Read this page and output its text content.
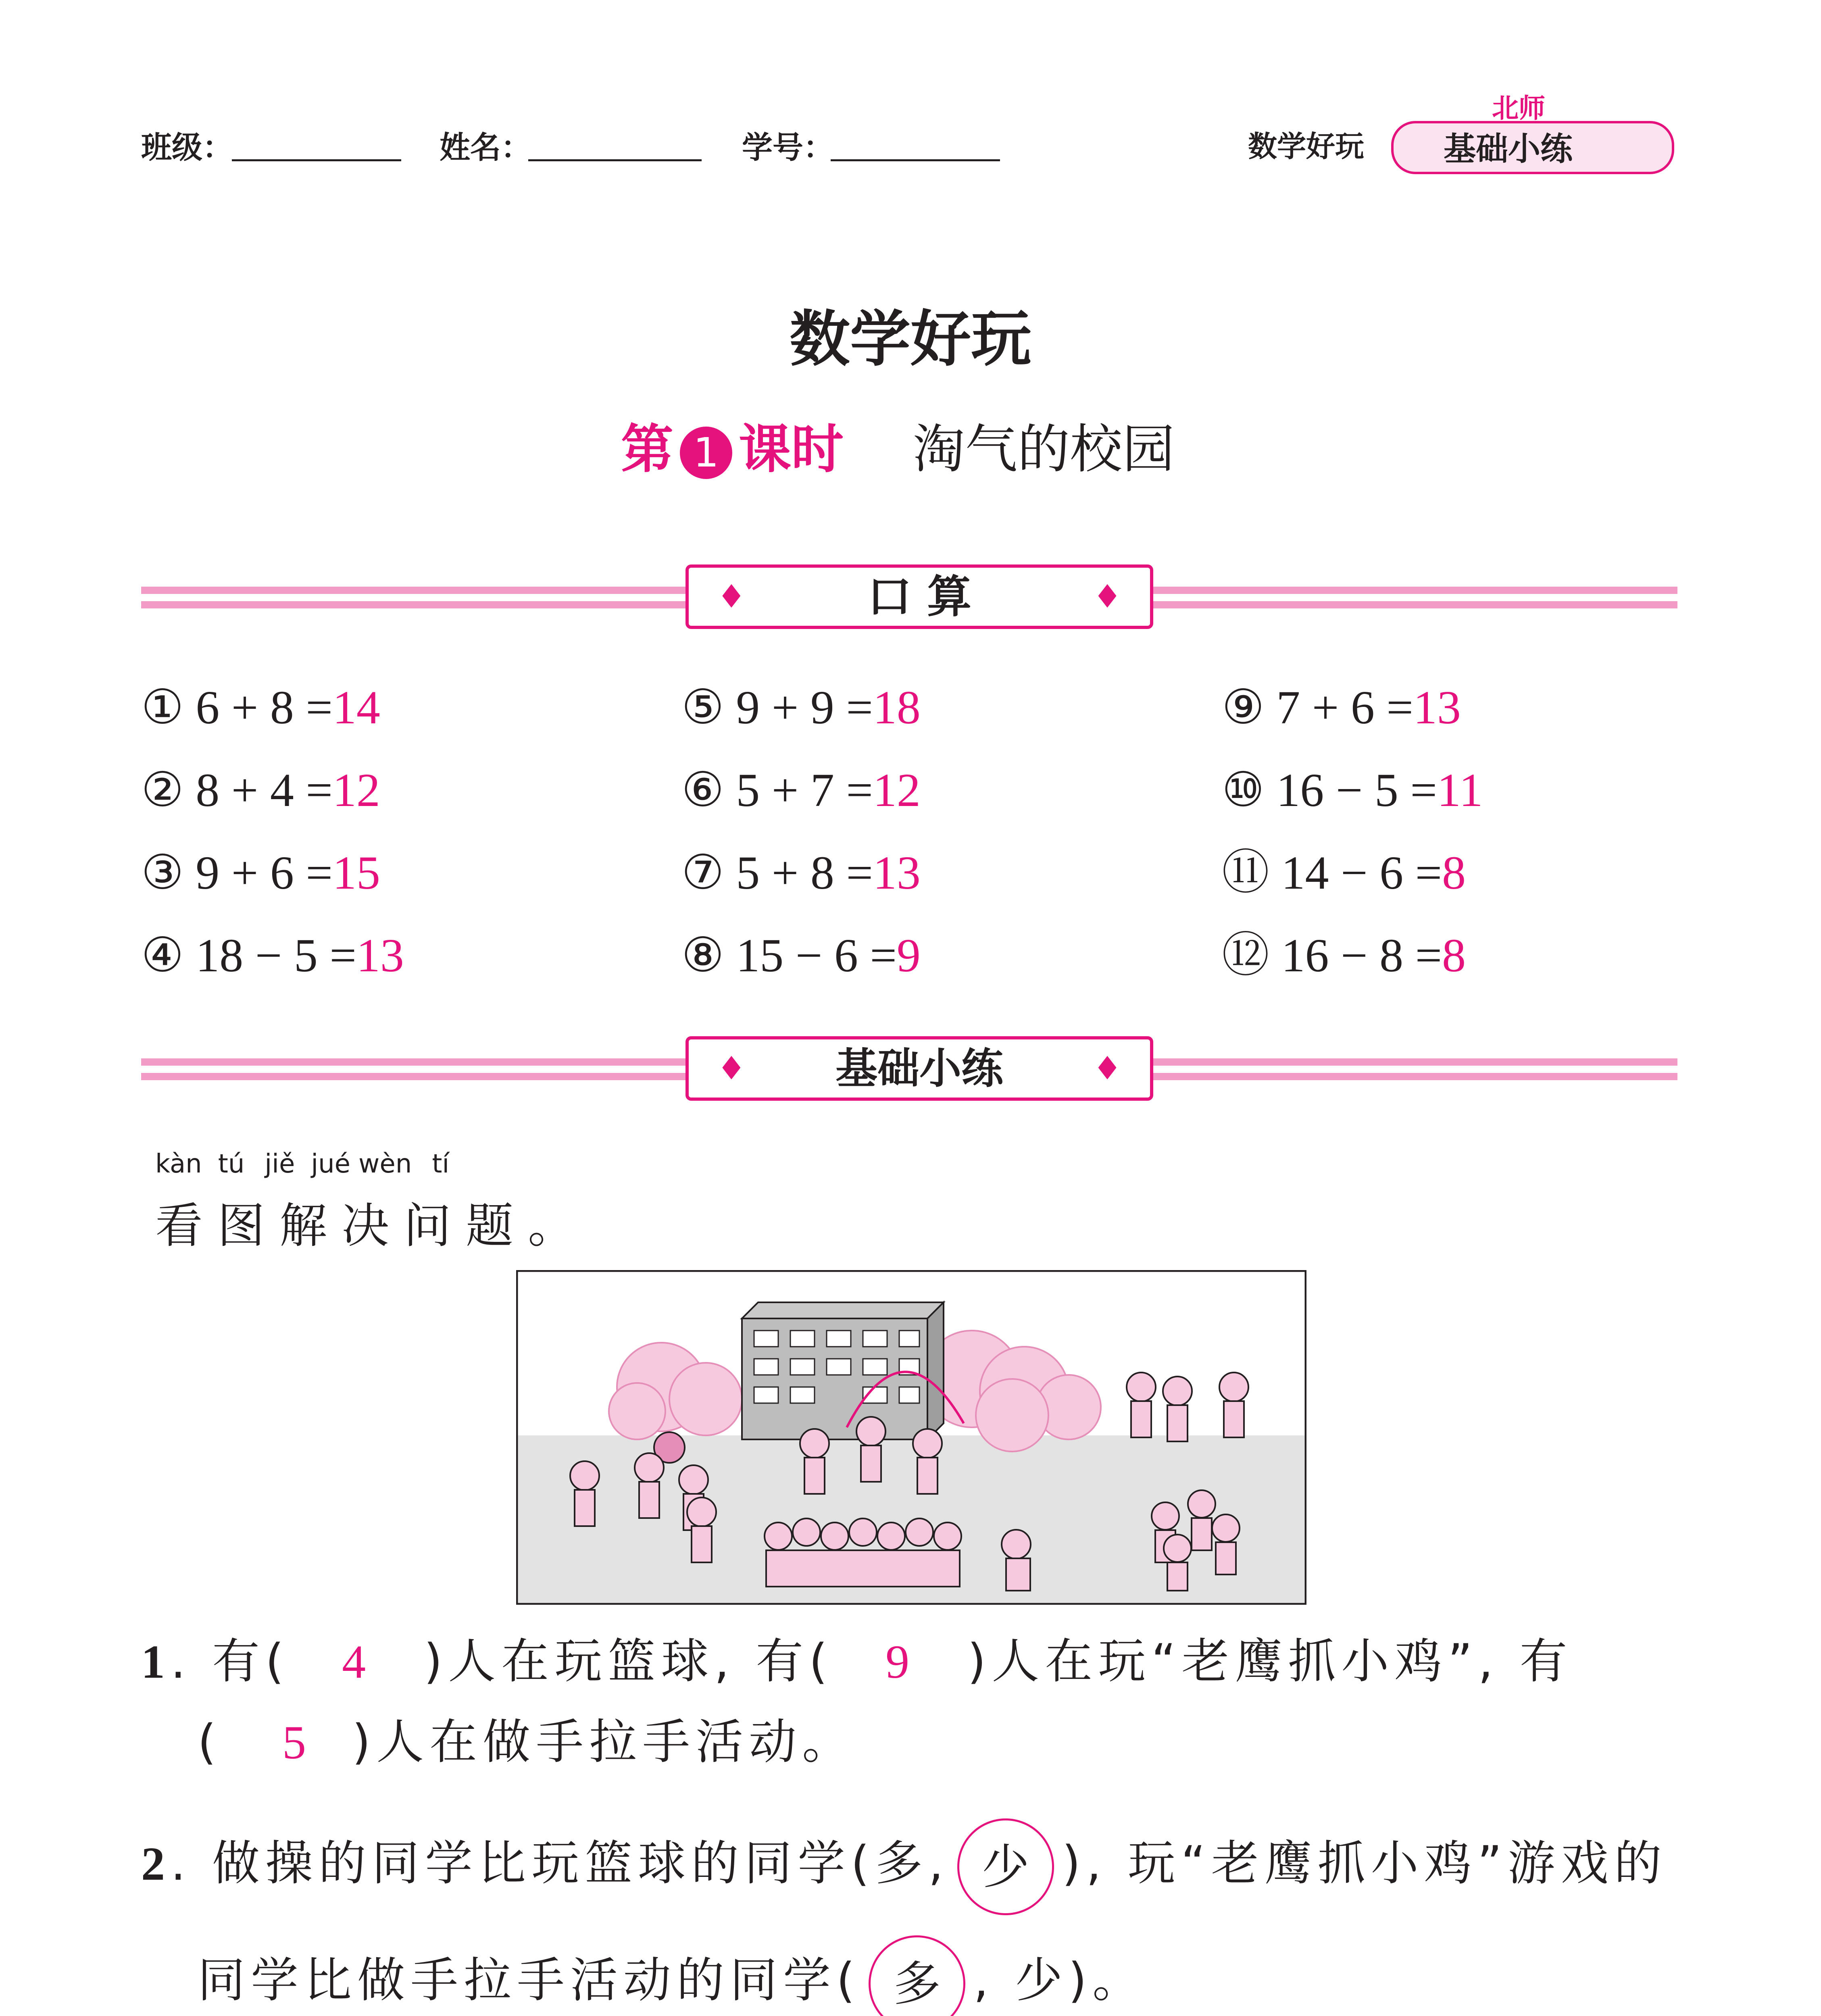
班级：	姓名：	学号：	数学好玩
北师
基础小练
数学好玩
第 1 课时 淘气的校园
♦	口 算	♦
① 6 + 8 =14
② 8 + 4 =12
③ 9 + 6 =15
④ 18 − 5 =13
⑤ 9 + 9 =18
⑥ 5 + 7 =12
⑦ 5 + 8 =13
⑧ 15 − 6 =9
⑨ 7 + 6 =13
⑩ 16 − 5 =11
⑪ 14 − 6 =8
⑫ 16 − 8 =8
♦ 基础小练	♦
kàn tú jiě jué wèn tí
看图解决问题。
1. 有( 4 )人在玩篮球, 有( 9 )人在玩“老鹰抓小鸡”, 有
( 5 )人在做手拉手活动。
2. 做操的同学比玩篮球的同学(多, 少 ), 玩“老鹰抓小鸡”游戏的
同学比做手拉手活动的同学( 多 , 少)。
